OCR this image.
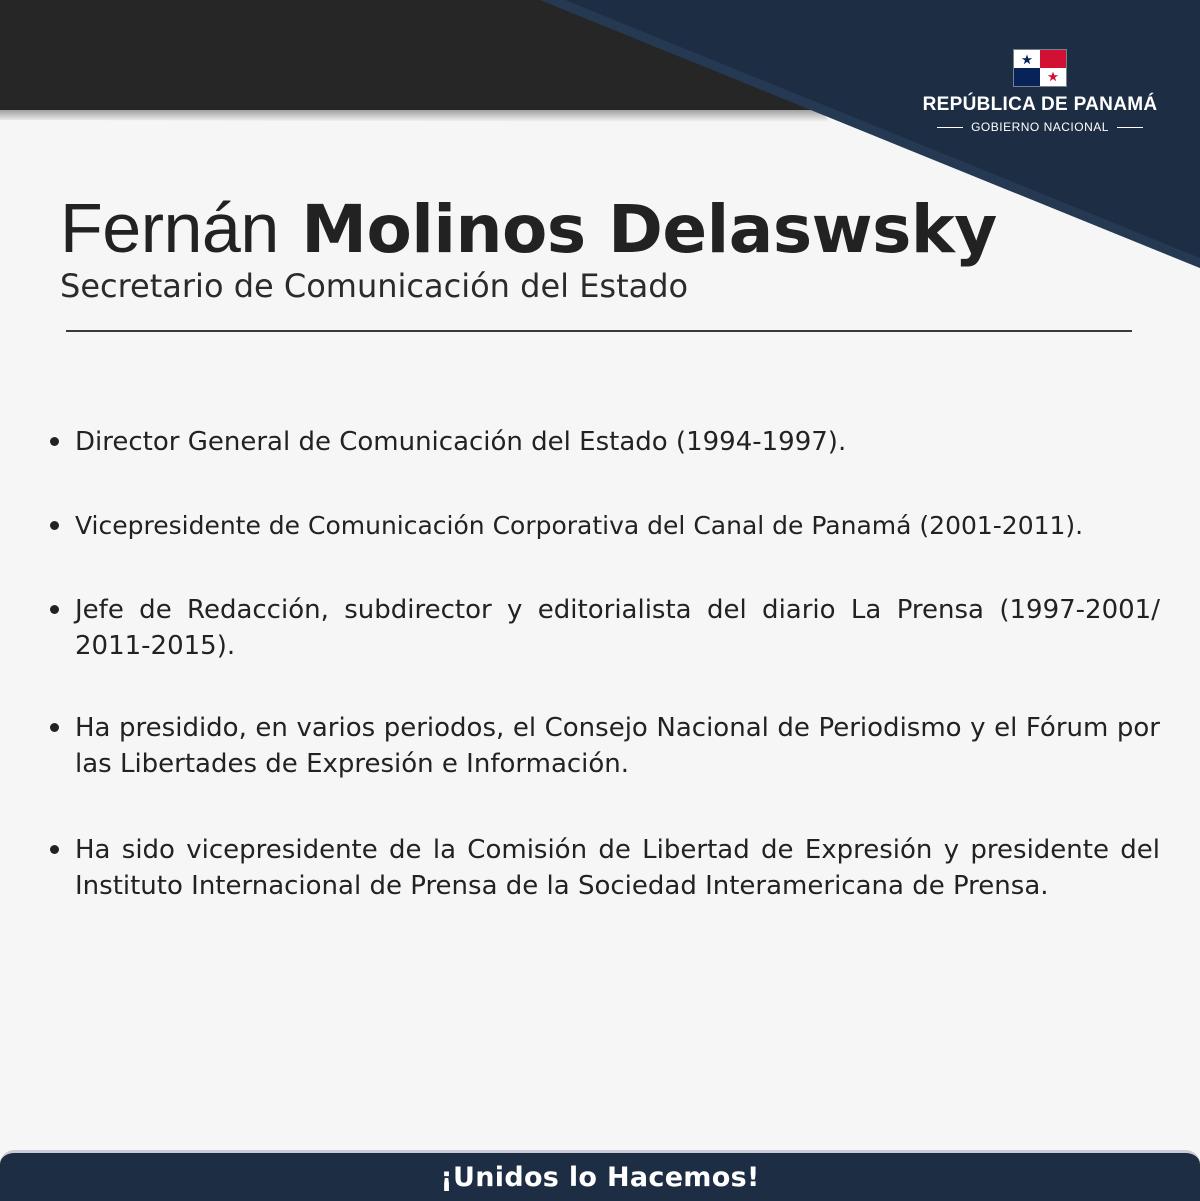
REPÚBLICA DE PANAMÁ
GOBIERNO NACIONAL
Fernán Molinos Delaswsky
Secretario de Comunicación del Estado
Director General de Comunicación del Estado (1994-1997).
Vicepresidente de Comunicación Corporativa del Canal de Panamá (2001-2011).
Jefe de Redacción, subdirector y editorialista del diario La Prensa (1997-2001/ 2011-2015).
Ha presidido, en varios periodos, el Consejo Nacional de Periodismo y el Fórum por las Libertades de Expresión e Información.
Ha sido vicepresidente de la Comisión de Libertad de Expresión y presidente del Instituto Internacional de Prensa de la Sociedad Interamericana de Prensa.
¡Unidos lo Hacemos!
